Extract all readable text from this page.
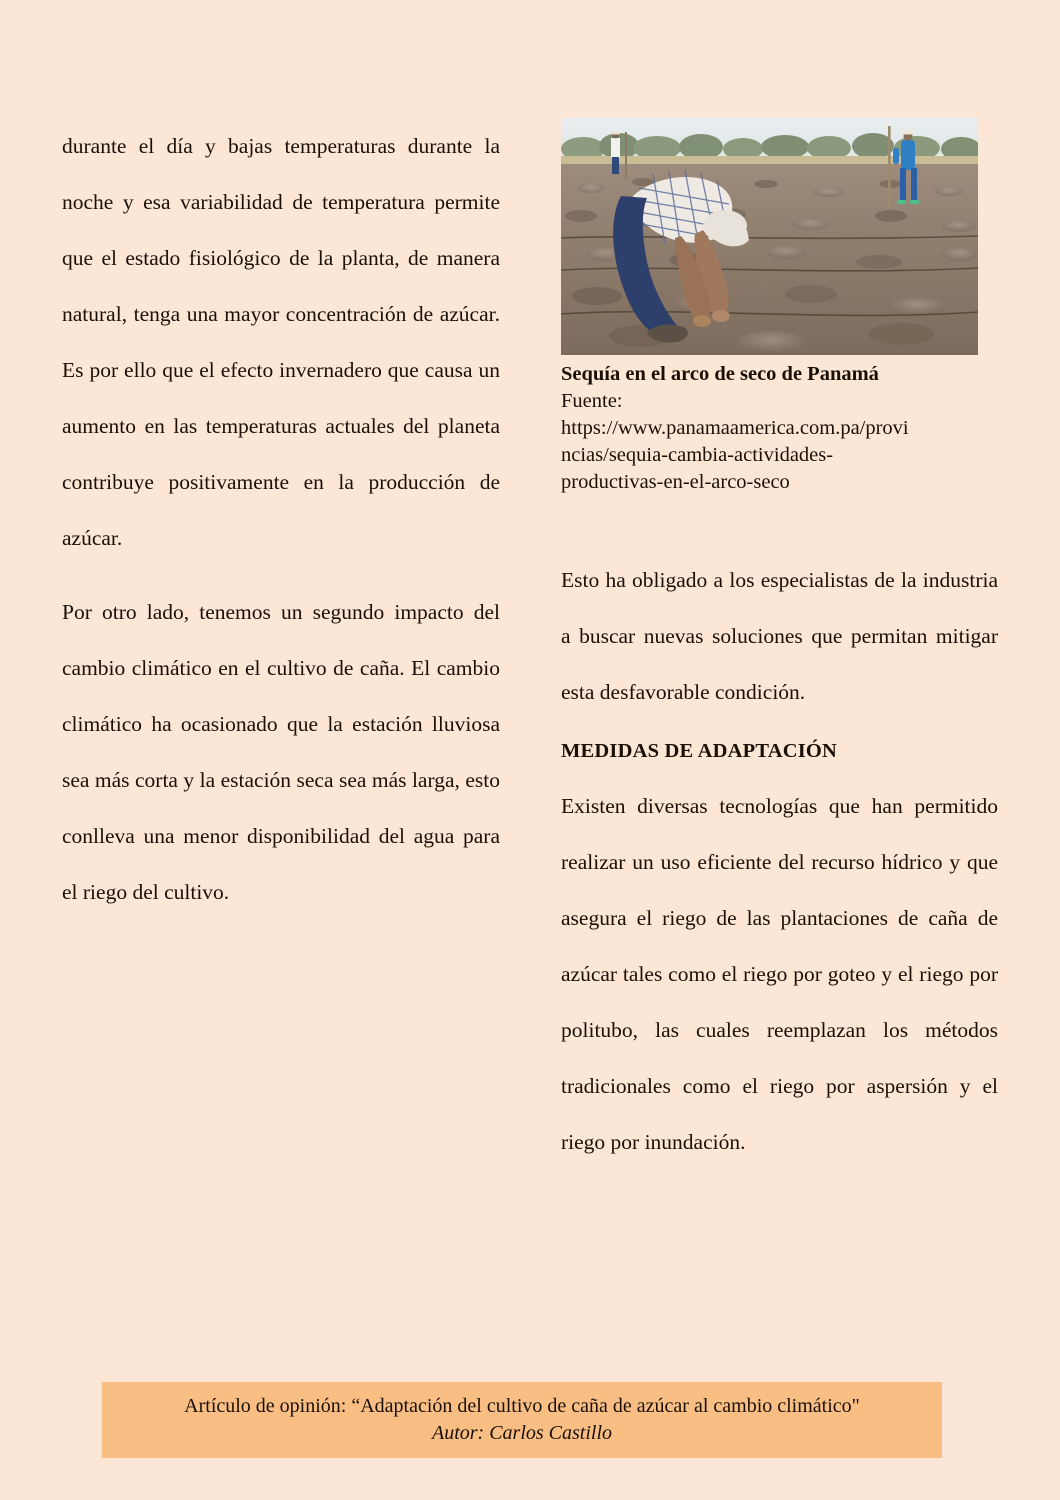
durante el día y bajas temperaturas durante la noche y esa variabilidad de temperatura permite que el estado fisiológico de la planta, de manera natural, tenga una mayor concentración de azúcar. Es por ello que el efecto invernadero que causa un aumento en las temperaturas actuales del planeta contribuye positivamente en la producción de azúcar.

Por otro lado, tenemos un segundo impacto del cambio climático en el cultivo de caña. El cambio climático ha ocasionado que la estación lluviosa sea más corta y la estación seca sea más larga, esto conlleva una menor disponibilidad del agua para el riego del cultivo.

Sequía en el arco de seco de Panamá
Fuente:
https://www.panamaamerica.com.pa/provi
ncias/sequia-cambia-actividades-
productivas-en-el-arco-seco

Esto ha obligado a los especialistas de la industria a buscar nuevas soluciones que permitan mitigar esta desfavorable condición.

MEDIDAS DE ADAPTACIÓN

Existen diversas tecnologías que han permitido realizar un uso eficiente del recurso hídrico y que asegura el riego de las plantaciones de caña de azúcar tales como el riego por goteo y el riego por politubo, las cuales reemplazan los métodos tradicionales como el riego por aspersión y el riego por inundación.

Artículo de opinión: “Adaptación del cultivo de caña de azúcar al cambio climático"
Autor: Carlos Castillo
